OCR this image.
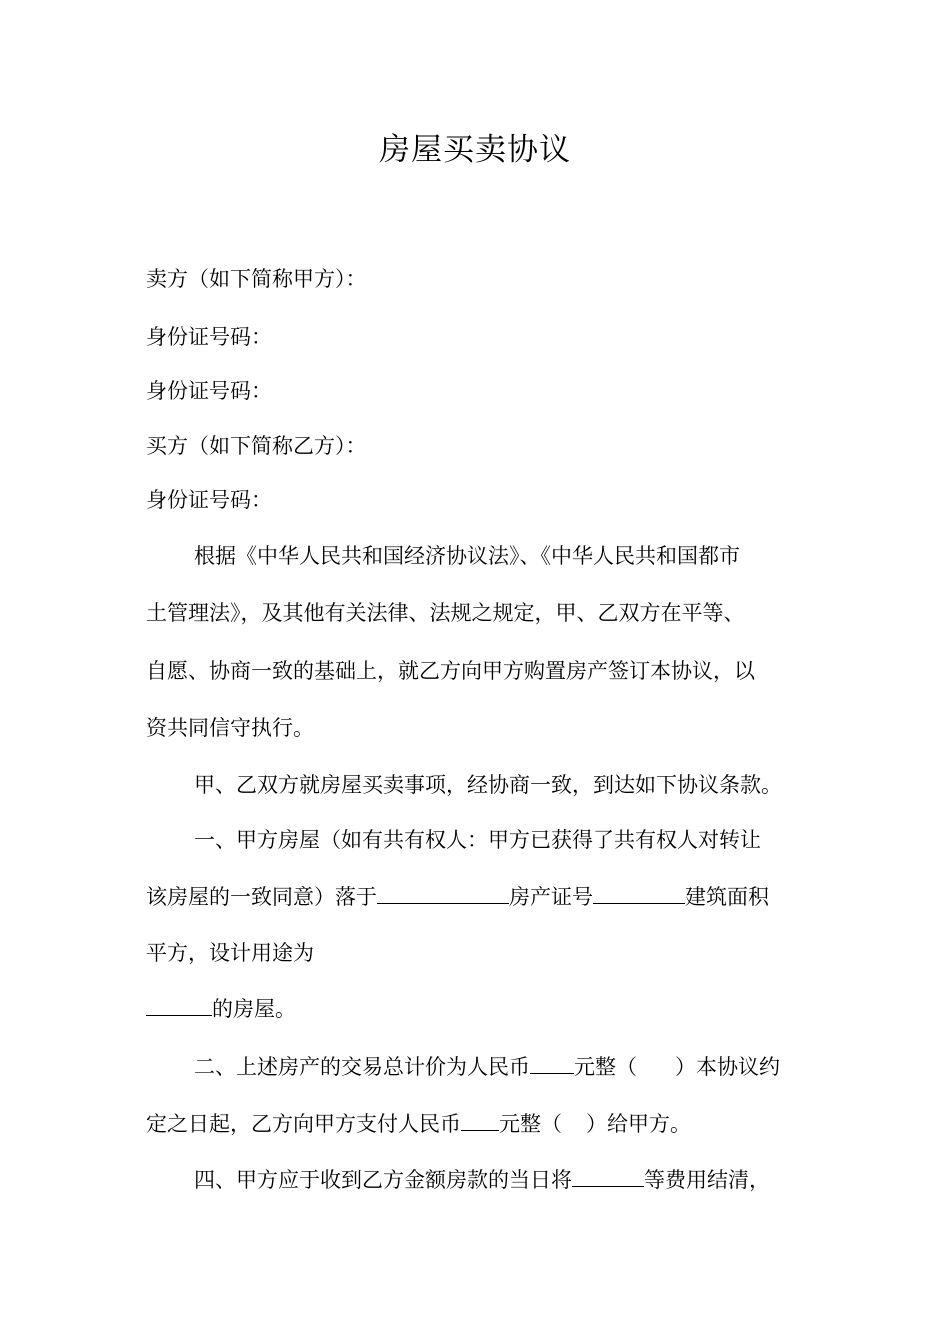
房屋买卖协议
卖方（如下简称甲方）：
身份证号码：
身份证号码：
买方（如下简称乙方）：
身份证号码：
根据《中华人民共和国经济协议法》、《中华人民共和国都市
土管理法》，及其他有关法律、法规之规定，甲、乙双方在平等、
自愿、协商一致的基础上，就乙方向甲方购置房产签订本协议，以
资共同信守执行。
甲、乙双方就房屋买卖事项，经协商一致，到达如下协议条款。
一、甲方房屋（如有共有权人：甲方已获得了共有权人对转让
该房屋的一致同意）落于	房产证号	建筑面积
平方，设计用途为
的房屋。
二、上述房产的交易总计价为人民币 元整（ ）本协议约
定之日起，乙方向甲方支付人民币 元整（ ）给甲方。
四、甲方应于收到乙方金额房款的当日将	等费用结清，
